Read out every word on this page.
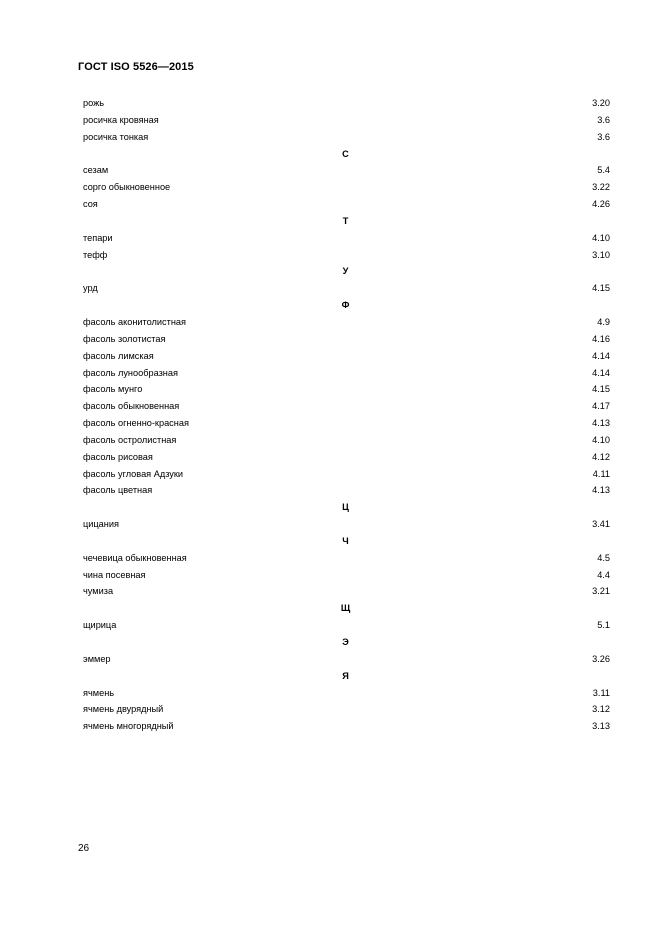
ГОСТ ISO 5526—2015
рожь	3.20
росичка кровяная	3.6
росичка тонкая	3.6
С
сезам	5.4
сорго обыкновенное	3.22
соя	4.26
Т
тепари	4.10
тефф	3.10
У
урд	4.15
Ф
фасоль аконитолистная	4.9
фасоль золотистая	4.16
фасоль лимская	4.14
фасоль лунообразная	4.14
фасоль мунго	4.15
фасоль обыкновенная	4.17
фасоль огненно-красная	4.13
фасоль остролистная	4.10
фасоль рисовая	4.12
фасоль угловая Адзуки	4.11
фасоль цветная	4.13
Ц
цицания	3.41
Ч
чечевица обыкновенная	4.5
чина посевная	4.4
чумиза	3.21
Щ
щирица	5.1
Э
эммер	3.26
Я
ячмень	3.11
ячмень двурядный	3.12
ячмень многорядный	3.13
26
